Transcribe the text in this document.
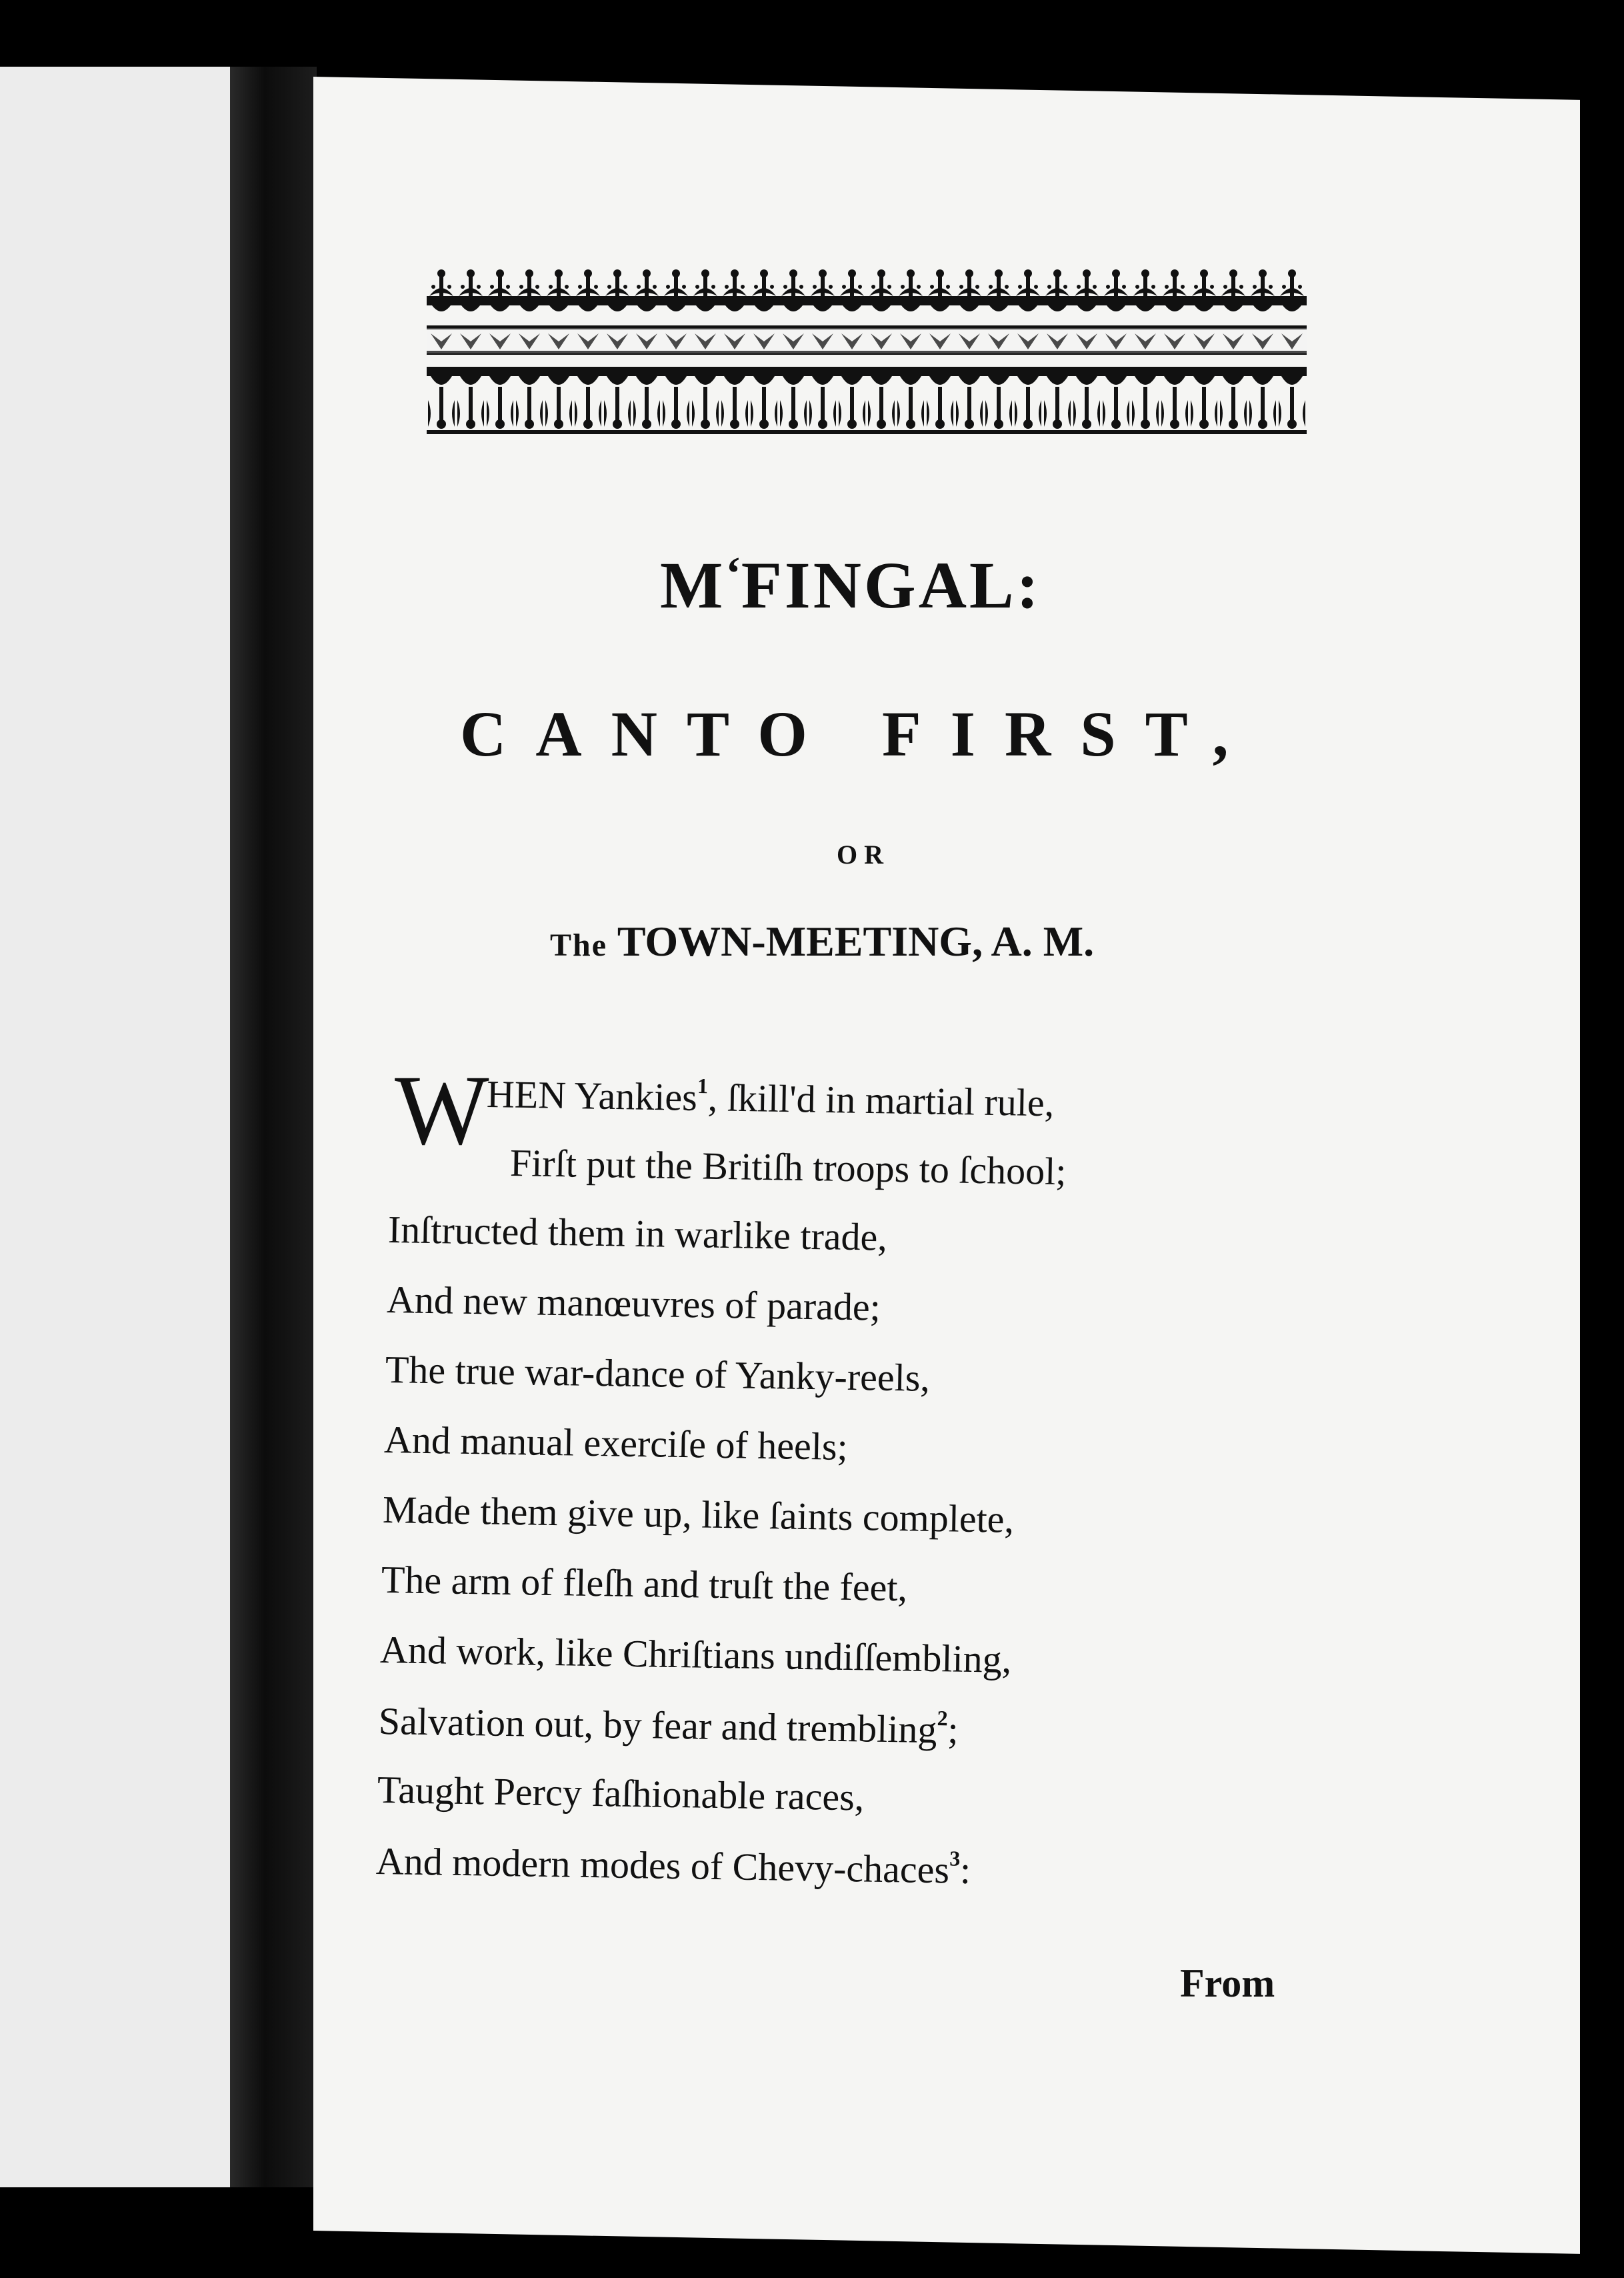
M‘FINGAL:
CANTO FIRST,
OR
The TOWN-MEETING, A. M.
W
HEN Yankies$^1$, ſkill'd in martial rule,
Firſt put the Britiſh troops to ſchool;
Inſtructed them in warlike trade,
And new manœuvres of parade;
The true war-dance of Yanky-reels,
And manual exerciſe of heels;
Made them give up, like ſaints complete,
The arm of fleſh and truſt the feet,
And work, like Chriſtians undiſſembling,
Salvation out, by fear and trembling$^2$;
Taught Percy faſhionable races,
And modern modes of Chevy-chaces$^3$:
From
